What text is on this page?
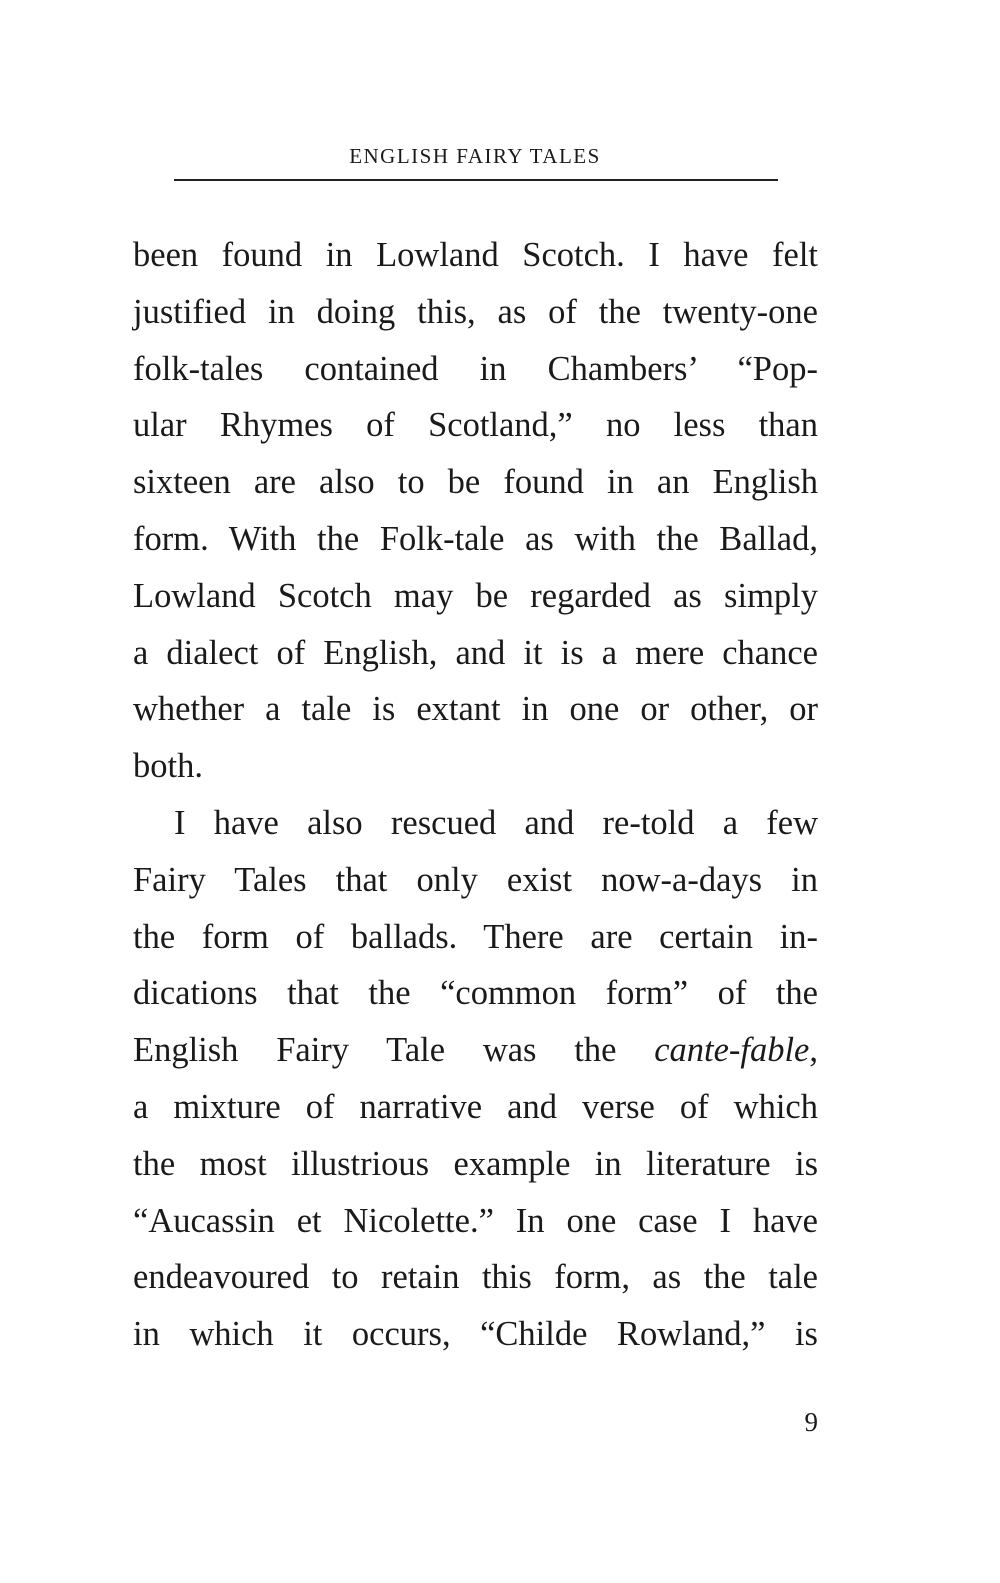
ENGLISH FAIRY TALES
been found in Lowland Scotch. I have felt
justified in doing this, as of the twenty-one
folk-tales contained in Chambers’ “Pop-
ular Rhymes of Scotland,” no less than
sixteen are also to be found in an English
form. With the Folk-tale as with the Ballad,
Lowland Scotch may be regarded as simply
a dialect of English, and it is a mere chance
whether a tale is extant in one or other, or
both.
I have also rescued and re-told a few
Fairy Tales that only exist now-a-days in
the form of ballads. There are certain in-
dications that the “common form” of the
English Fairy Tale was the cante-fable,
a mixture of narrative and verse of which
the most illustrious example in literature is
“Aucassin et Nicolette.” In one case I have
endeavoured to retain this form, as the tale
in which it occurs, “Childe Rowland,” is
9
